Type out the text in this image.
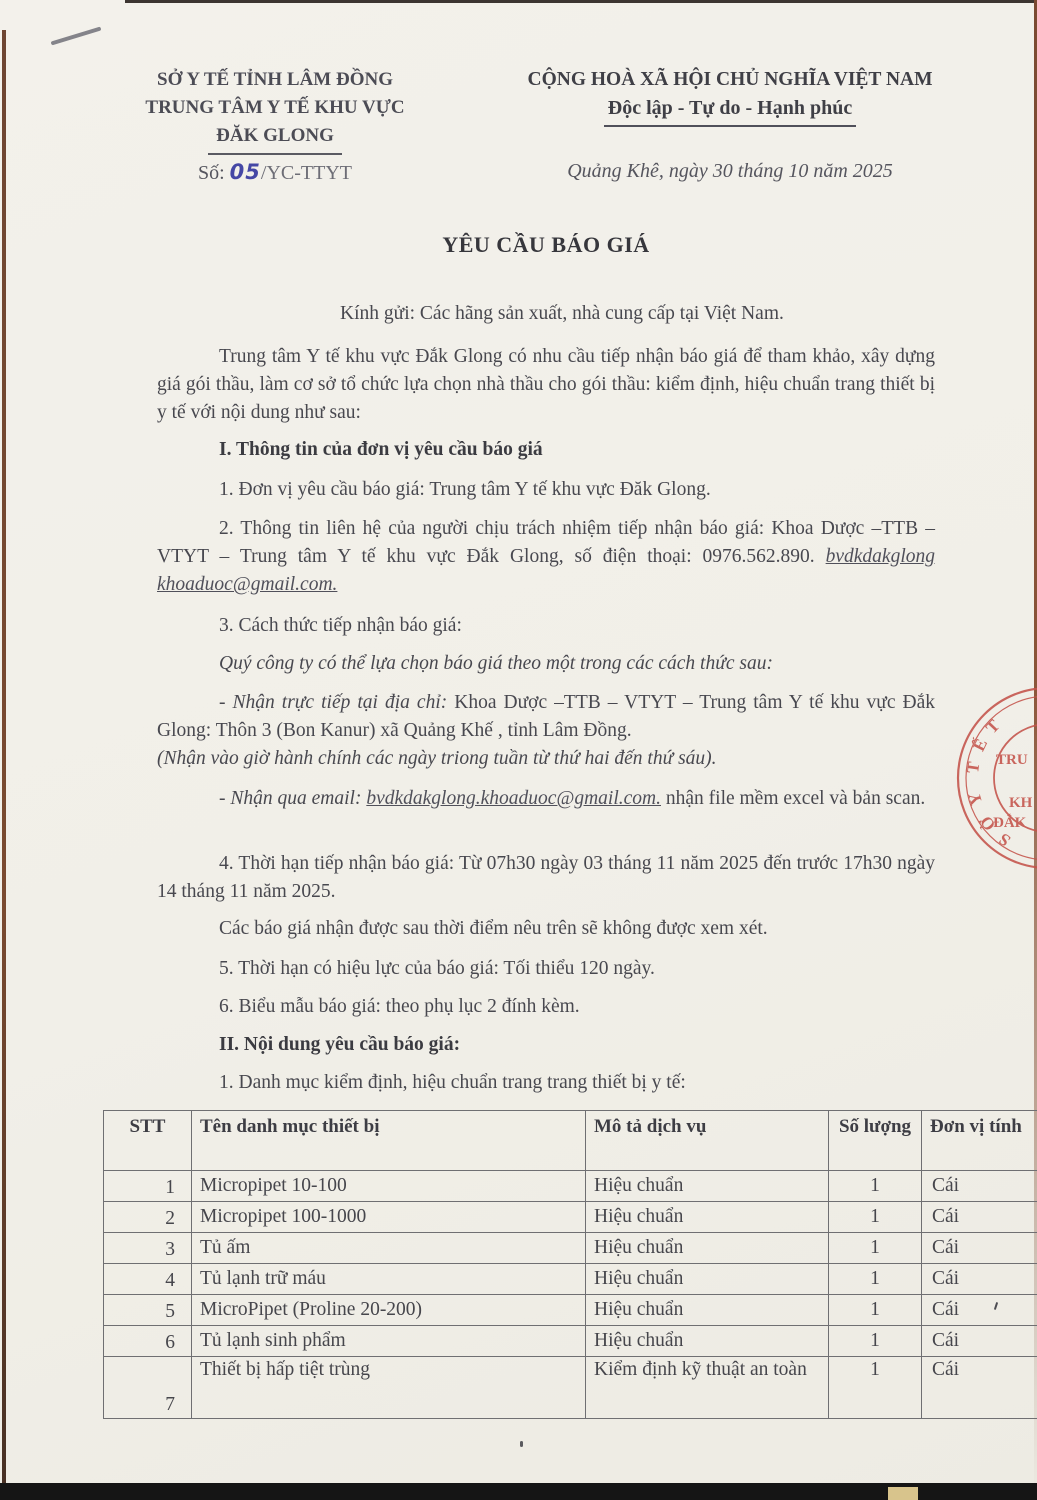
SỞ Y TẾ TỈNH LÂM ĐỒNG
TRUNG TÂM Y TẾ KHU VỰC
ĐĂK GLONG
Số: 05/YC-TTYT
CỘNG HOÀ XÃ HỘI CHỦ NGHĨA VIỆT NAM
Độc lập - Tự do - Hạnh phúc
Quảng Khê, ngày 30 tháng 10 năm 2025
YÊU CẦU BÁO GIÁ
Kính gửi: Các hãng sản xuất, nhà cung cấp tại Việt Nam.
Trung tâm Y tế khu vực Đắk Glong có nhu cầu tiếp nhận báo giá để tham khảo, xây dựng giá gói thầu, làm cơ sở tổ chức lựa chọn nhà thầu cho gói thầu: kiểm định, hiệu chuẩn trang thiết bị y tế với nội dung như sau:
I. Thông tin của đơn vị yêu cầu báo giá
1. Đơn vị yêu cầu báo giá: Trung tâm Y tế khu vực Đăk Glong.
2. Thông tin liên hệ của người chịu trách nhiệm tiếp nhận báo giá: Khoa Dược –TTB – VTYT – Trung tâm Y tế khu vực Đắk Glong, số điện thoại: 0976.562.890. bvdkdakglong khoaduoc@gmail.com.
3. Cách thức tiếp nhận báo giá:
Quý công ty có thể lựa chọn báo giá theo một trong các cách thức sau:
- Nhận trực tiếp tại địa chỉ: Khoa Dược –TTB – VTYT – Trung tâm Y tế khu vực Đắk Glong: Thôn 3 (Bon Kanur) xã Quảng Khế , tỉnh Lâm Đồng.
(Nhận vào giờ hành chính các ngày triong tuần từ thứ hai đến thứ sáu).
- Nhận qua email: bvdkdakglong.khoaduoc@gmail.com. nhận file mềm excel và bản scan.
4. Thời hạn tiếp nhận báo giá: Từ 07h30 ngày 03 tháng 11 năm 2025 đến trước 17h30 ngày 14 tháng 11 năm 2025.
Các báo giá nhận được sau thời điểm nêu trên sẽ không được xem xét.
5. Thời hạn có hiệu lực của báo giá: Tối thiểu 120 ngày.
6. Biểu mẫu báo giá: theo phụ lục 2 đính kèm.
II. Nội dung yêu cầu báo giá:
1. Danh mục kiểm định, hiệu chuẩn trang trang thiết bị y tế:
STT	Tên danh mục thiết bị	Mô tả dịch vụ	Số lượng	Đơn vị tính
1	Micropipet 10-100	Hiệu chuẩn	1	Cái
2	Micropipet 100-1000	Hiệu chuẩn	1	Cái
3	Tủ ấm	Hiệu chuẩn	1	Cái
4	Tủ lạnh trữ máu	Hiệu chuẩn	1	Cái
5	MicroPipet (Proline 20-200)	Hiệu chuẩn	1	Cái
6	Tủ lạnh sinh phẩm	Hiệu chuẩn	1	Cái
7	Thiết bị hấp tiệt trùng	Kiểm định kỹ thuật an toàn	1	Cái
S
Ở
Y
T
Ế
T
TRU
KH
ĐẮK
